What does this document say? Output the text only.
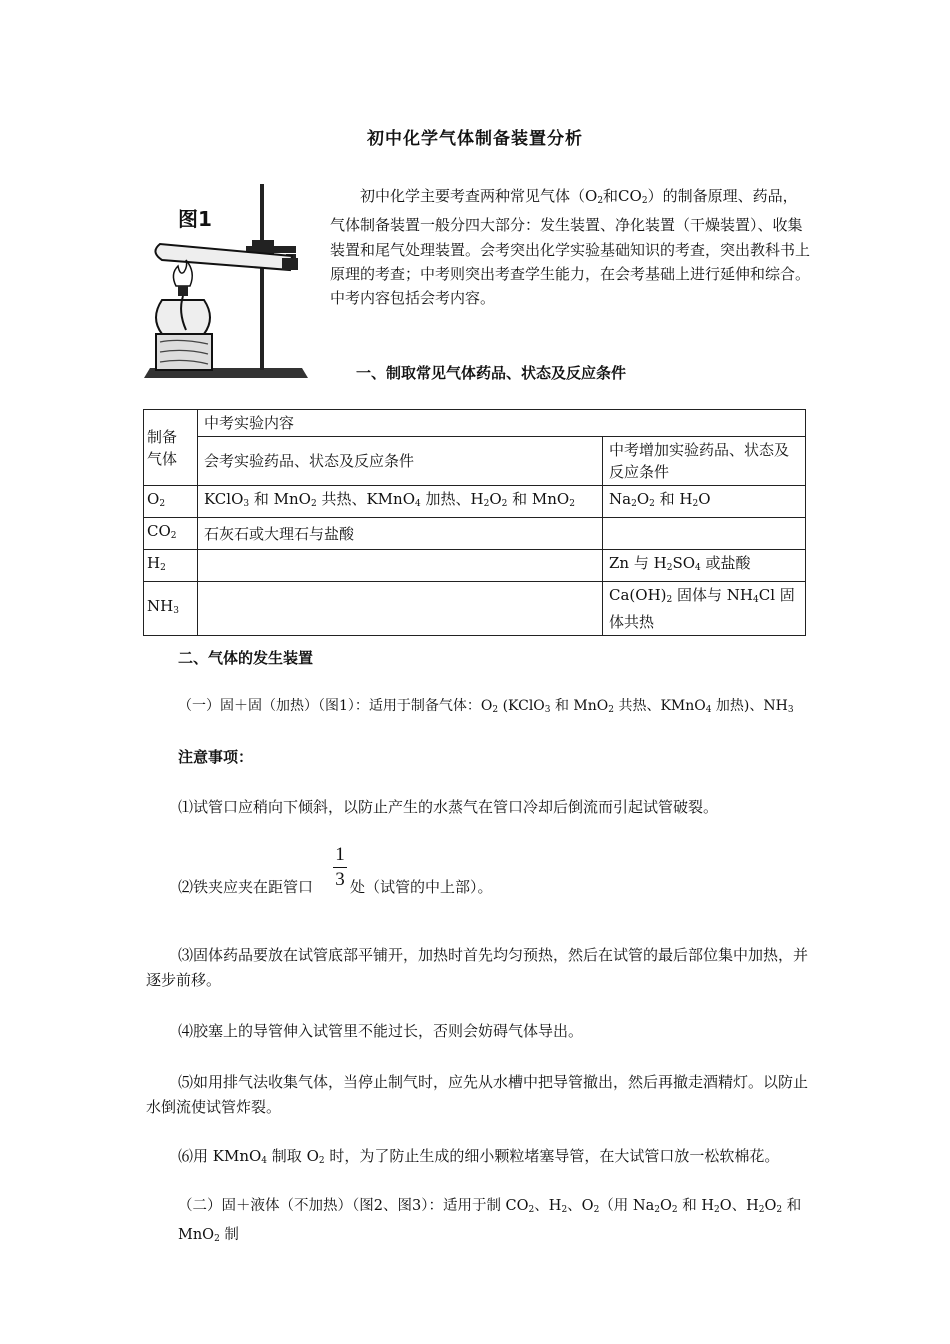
初中化学气体制备装置分析
图1
初中化学主要考查两种常见气体（$O_2$和$CO_2$）的制备原理、药品，气体制备装置一般分四大部分：发生装置、净化装置（干燥装置）、收集装置和尾气处理装置。会考突出化学实验基础知识的考查，突出教科书上原理的考查；中考则突出考查学生能力，在会考基础上进行延伸和综合。中考内容包括会考内容。
一、制取常见气体药品、状态及反应条件
制备气体	中考实验内容	
	会考实验药品、状态及反应条件	中考增加实验药品、状态及反应条件
$O_2$	KClO$_3$ 和 MnO$_2$ 共热、KMnO$_4$ 加热、$H_2O_2$ 和 MnO$_2$	$Na_2O_2$ 和 $H_2O$
$CO_2$	石灰石或大理石与盐酸	
$H_2$		Zn 与 $H_2SO_4$ 或盐酸
$NH_3$		$Ca(OH)_2$ 固体与 $NH_4Cl$ 固体共热
二、气体的发生装置
（一）固＋固（加热）（图1）：适用于制备气体：$O_2$ (KClO$_3$ 和 MnO$_2$ 共热、KMnO$_4$ 加热)、$NH_3$
注意事项：
⑴试管口应稍向下倾斜，以防止产生的水蒸气在管口冷却后倒流而引起试管破裂。
1
3
⑵铁夹应夹在距管口	处（试管的中上部）。
⑶固体药品要放在试管底部平铺开，加热时首先均匀预热，然后在试管的最后部位集中加热，并逐步前移。
⑷胶塞上的导管伸入试管里不能过长，否则会妨碍气体导出。
⑸如用排气法收集气体，当停止制气时，应先从水槽中把导管撤出，然后再撤走酒精灯。以防止水倒流使试管炸裂。
⑹用 KMnO$_4$ 制取 $O_2$ 时，为了防止生成的细小颗粒堵塞导管，在大试管口放一松软棉花。
（二）固＋液体（不加热）（图2、图3）：适用于制 $CO_2$、$H_2$、$O_2$（用 $Na_2O_2$ 和 $H_2O$、$H_2O_2$ 和 MnO$_2$ 制
